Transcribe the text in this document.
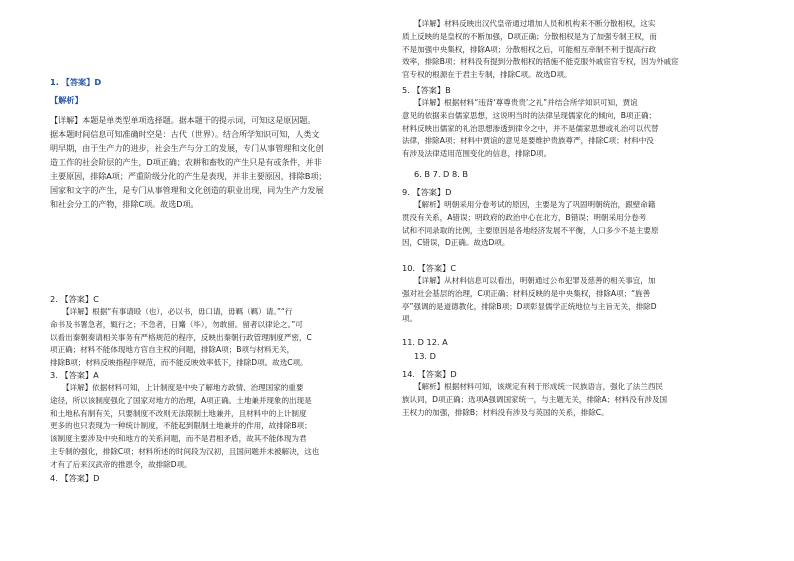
1. 【答案】D

【解析】

【详解】本题是单类型单项选择题。据本题干的提示词，可知这是原因题。

据本题时间信息可知准确时空是：古代（世界）。结合所学知识可知，人类文

明早期，由于生产力的进步，社会生产与分工的发展，专门从事管理和文化创

造工作的社会阶层的产生，D项正确；农耕和畜牧的产生只是有或条件，并非

主要原因，排除A项；严重阶级分化的产生是表现，并非主要原因，排除B项；

国家和文字的产生，是专门从事管理和文化创造的职业出现，同为生产力发展

和社会分工的产物，排除C项。故选D项。

2. 【答案】C

【详解】根据“有事请殴（也），必以书，毋口请，毋羁（羁）请。”“行

命书及书署急者，辄行之；不急者，日觱（毕），勿敢留。留者以律论之。”可

以看出秦朝奏请相关事务有严格规范的程序，反映出秦朝行政管理制度严密，C

项正确；材料不能体现地方官自主权的问题，排除A项；B项与材料无关，

排除B项；材料反映指程序规范，而不能反映效率低下，排除D项。故选C项。

3. 【答案】A

【详解】依据材料可知，上计制度是中央了解地方政情、治理国家的重要

途径，所以该制度强化了国家对地方的治理，A项正确。土地兼并现象的出现是

和土地私有制有关，只要制度不改则无法限制土地兼并，且材料中的上计制度

更多的也只表现为一种统计制度，不能起到限制土地兼并的作用，故排除B项；

该制度主要涉及中央和地方的关系问题，而不是君相矛盾，故其不能体现为君

主专制的强化，排除C项；材料所述的时间段为汉初，且国问题并未被解决，这也

才有了后来汉武帝的推恩令，故排除D项。

4. 【答案】D

【详解】材料反映出汉代皇帝通过增加人员和机构来不断分散相权，这实

质上反映的是皇权的不断加强，D项正确；分散相权是为了加强专制王权，而

不是加强中央集权，排除A项；分散相权之后，可能相互牵制不利于提高行政

效率，排除B项；材料没有提到分散相权的措施不能克服外戚宦官专权，因为外戚宦

官专权的根源在于君主专制，排除C项。故选D项。

5. 【答案】B

【详解】根据材料“违背‘尊尊贵贵’之礼”并结合所学知识可知，贾谊

意见的依据来自儒家思想，这说明当时的法律呈现儒家化的倾向，B项正确；

材料反映出儒家的礼治思想渗透到律令之中，并不是儒家思想或礼治可以代替

法律，排除A项；材料中贾谊的意见是要维护贵族尊严，排除C项；材料中没

有涉及法律适用范围变化的信息，排除D项。

6. B 7. D 8. B

9. 【答案】D

【解析】明朝采用分卷考试的原因，主要是为了巩固明朝统治，跟壁命籍

贯没有关系，A错误；明政府的政治中心在北方，B错误；明朝采用分卷考

试和不同录取的比例，主要原因是各地经济发展不平衡，人口多少不是主要原

因，C错误，D正确。故选D项。

10. 【答案】C

【详解】从材料信息可以看出，明朝通过公布犯罪及慈善的相关事宜，加

强对社会基层的治理，C项正确；材料反映的是中央集权，排除A项；“旌善

亭”强调的是道德教化，排除B项；D项彰显儒学正统地位与主旨无关，排除D

项。

11. D 12. A

13. D

14. 【答案】D

【解析】根据材料可知，该规定有利于形成统一民族语言，强化了法兰西民

族认同，D项正确；选项A强调国家统一，与主题无关，排除A；材料没有涉及国

王权力的加强，排除B；材料没有涉及与英国的关系，排除C。
